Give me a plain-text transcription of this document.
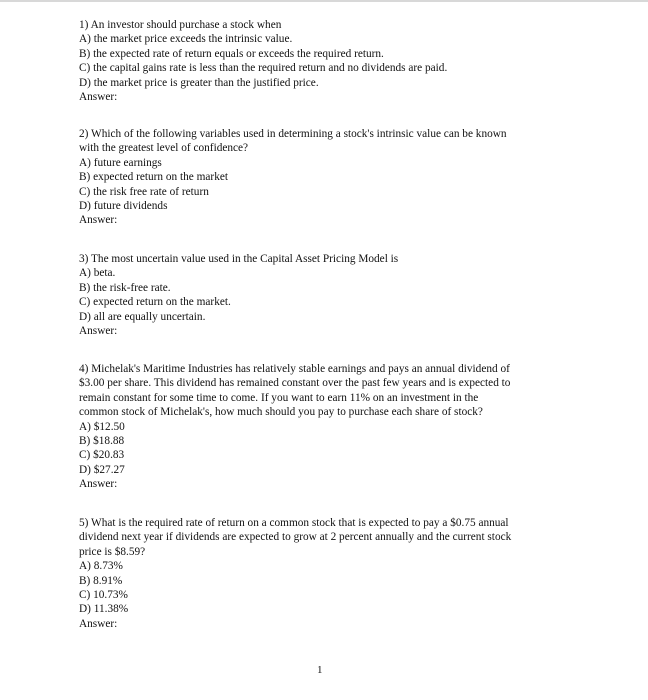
1) An investor should purchase a stock when
A) the market price exceeds the intrinsic value.
B) the expected rate of return equals or exceeds the required return.
C) the capital gains rate is less than the required return and no dividends are paid.
D) the market price is greater than the justified price.
Answer:
2) Which of the following variables used in determining a stock's intrinsic value can be known
with the greatest level of confidence?
A) future earnings
B) expected return on the market
C) the risk free rate of return
D) future dividends
Answer:
3) The most uncertain value used in the Capital Asset Pricing Model is
A) beta.
B) the risk-free rate.
C) expected return on the market.
D) all are equally uncertain.
Answer:
4) Michelak's Maritime Industries has relatively stable earnings and pays an annual dividend of
$3.00 per share. This dividend has remained constant over the past few years and is expected to
remain constant for some time to come. If you want to earn 11% on an investment in the
common stock of Michelak's, how much should you pay to purchase each share of stock?
A) $12.50
B) $18.88
C) $20.83
D) $27.27
Answer:
5) What is the required rate of return on a common stock that is expected to pay a $0.75 annual
dividend next year if dividends are expected to grow at 2 percent annually and the current stock
price is $8.59?
A) 8.73%
B) 8.91%
C) 10.73%
D) 11.38%
Answer:
1
